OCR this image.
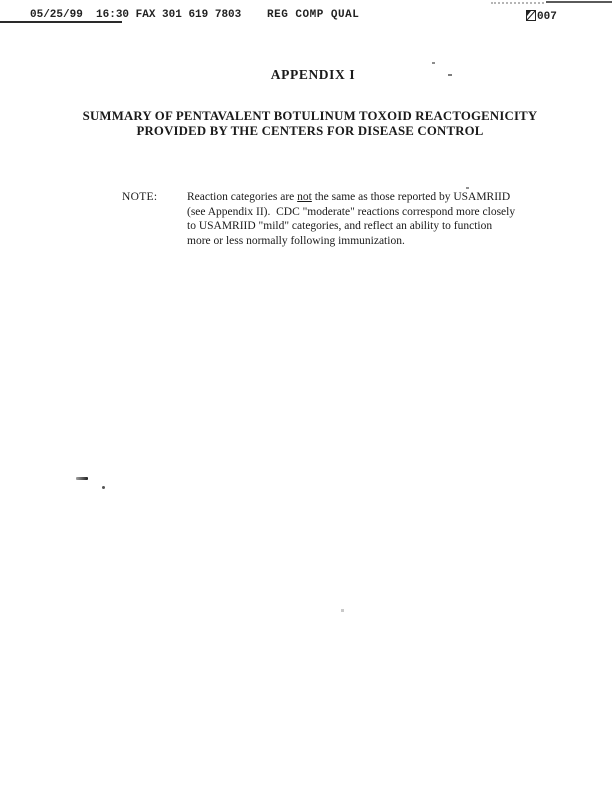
05/25/99  16:30 FAX 301 619 7803 REG COMP QUAL	007
APPENDIX I
SUMMARY OF PENTAVALENT BOTULINUM TOXOID REACTOGENICITY
PROVIDED BY THE CENTERS FOR DISEASE CONTROL
NOTE:	Reaction categories are not the same as those reported by USAMRIID
(see Appendix II).  CDC "moderate" reactions correspond more closely
to USAMRIID "mild" categories, and reflect an ability to function
more or less normally following immunization.
